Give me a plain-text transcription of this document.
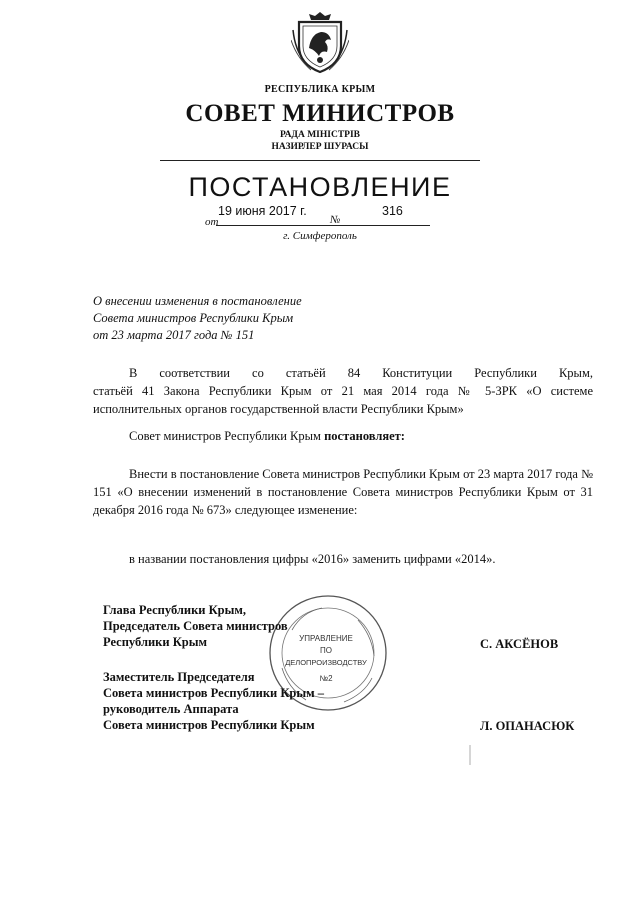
РЕСПУБЛИКА КРЫМ
СОВЕТ МИНИСТРОВ
РАДА МІНІСТРІВ
НАЗИРЛЕР ШУРАСЫ
ПОСТАНОВЛЕНИЕ
от
19 июня 2017 г.
№
316
г. Симферополь
О внесении изменения в постановление
Совета министров Республики Крым
от 23 марта 2017 года № 151
В соответствии со статьёй 84 Конституции Республики Крым,
статьёй 41 Закона Республики Крым от 21 мая 2014 года № 5-ЗРК «О системе исполнительных органов государственной власти Республики Крым»
Совет министров Республики Крым постановляет:
Внести в постановление Совета министров Республики Крым от 23 марта 2017 года № 151 «О внесении изменений в постановление Совета министров Республики Крым от 31 декабря 2016 года № 673» следующее изменение:
в названии постановления цифры «2016» заменить цифрами «2014».
УПРАВЛЕНИЕ
ПО
ДЕЛОПРОИЗВОДСТВУ
№2
Глава Республики Крым,
Председатель Совета министров
Республики Крым	С. АКСЁНОВ
Заместитель Председателя
Совета министров Республики Крым –
руководитель Аппарата
Совета министров Республики Крым	Л. ОПАНАСЮК
